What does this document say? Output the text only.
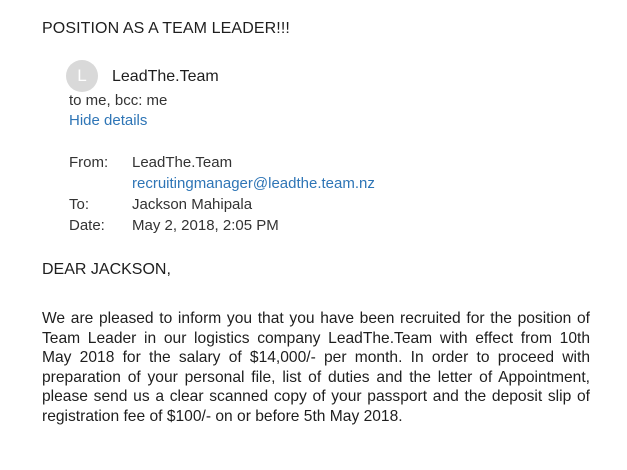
POSITION AS A TEAM LEADER!!!
L	LeadThe.Team
to me, bcc: me
Hide details
From:	LeadThe.Team
recruitingmanager@leadthe.team.nz
To:	Jackson Mahipala
Date:	May 2, 2018, 2:05 PM
DEAR JACKSON,
We are pleased to inform you that you have been recruited for the position of Team Leader in our logistics company LeadThe.Team with effect from 10th May 2018 for the salary of $14,000/- per month. In order to proceed with preparation of your personal file, list of duties and the letter of Appointment, please send us a clear scanned copy of your passport and the deposit slip of registration fee of $100/- on or before 5th May 2018.
